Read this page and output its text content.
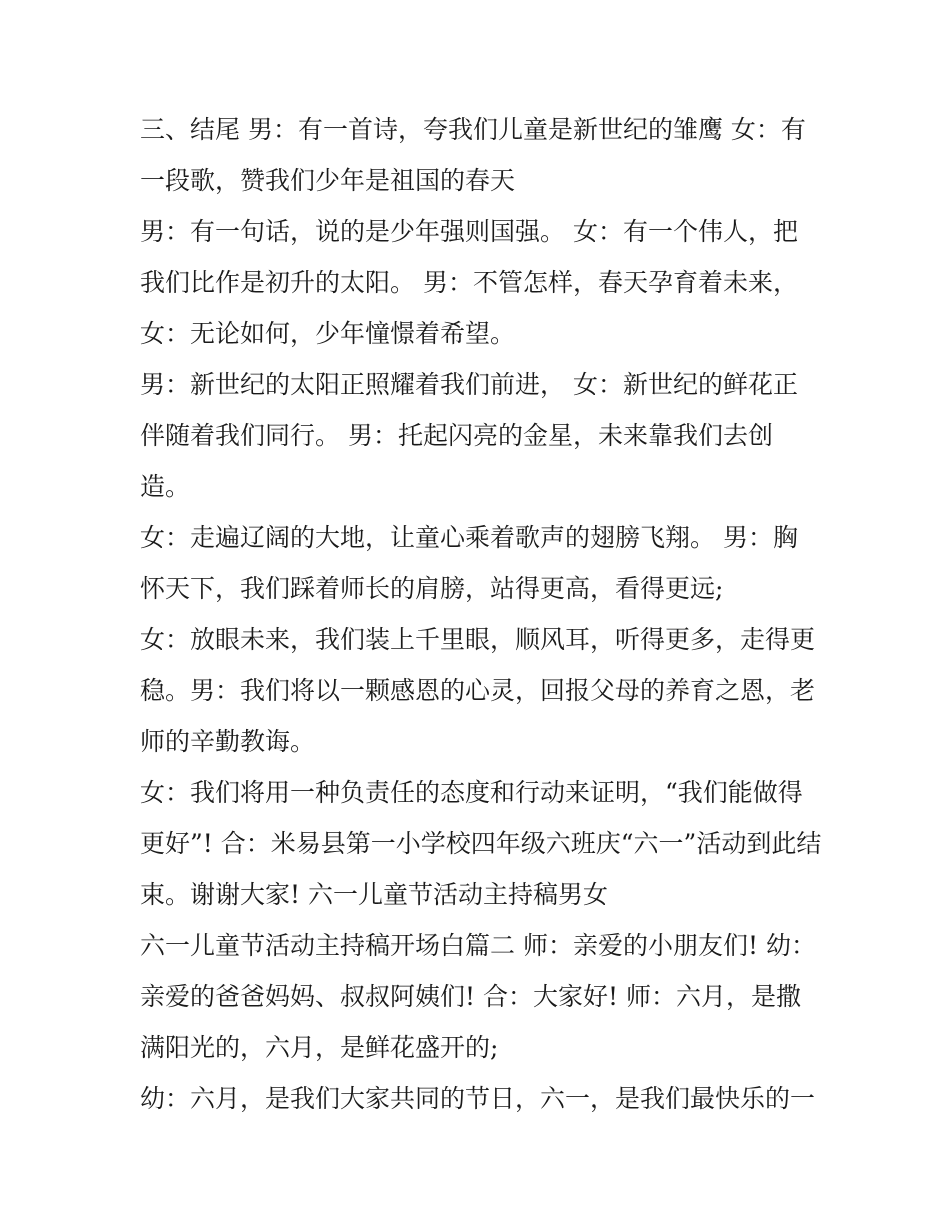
三、结尾 男：有一首诗，夸我们儿童是新世纪的雏鹰 女：有
一段歌，赞我们少年是祖国的春天
男：有一句话，说的是少年强则国强。 女：有一个伟人，把
我们比作是初升的太阳。 男：不管怎样，春天孕育着未来，
女：无论如何，少年憧憬着希望。
男：新世纪的太阳正照耀着我们前进， 女：新世纪的鲜花正
伴随着我们同行。 男：托起闪亮的金星，未来靠我们去创
造。
女：走遍辽阔的大地，让童心乘着歌声的翅膀飞翔。 男：胸
怀天下，我们踩着师长的肩膀，站得更高，看得更远;
女：放眼未来，我们装上千里眼，顺风耳，听得更多，走得更
稳。男：我们将以一颗感恩的心灵，回报父母的养育之恩，老
师的辛勤教诲。
女：我们将用一种负责任的态度和行动来证明，“我们能做得
更好”! 合：米易县第一小学校四年级六班庆“六一”活动到此结
束。谢谢大家! 六一儿童节活动主持稿男女
六一儿童节活动主持稿开场白篇二 师：亲爱的小朋友们! 幼：
亲爱的爸爸妈妈、叔叔阿姨们! 合：大家好! 师：六月，是撒
满阳光的，六月，是鲜花盛开的;
幼：六月，是我们大家共同的节日，六一，是我们最快乐的一
